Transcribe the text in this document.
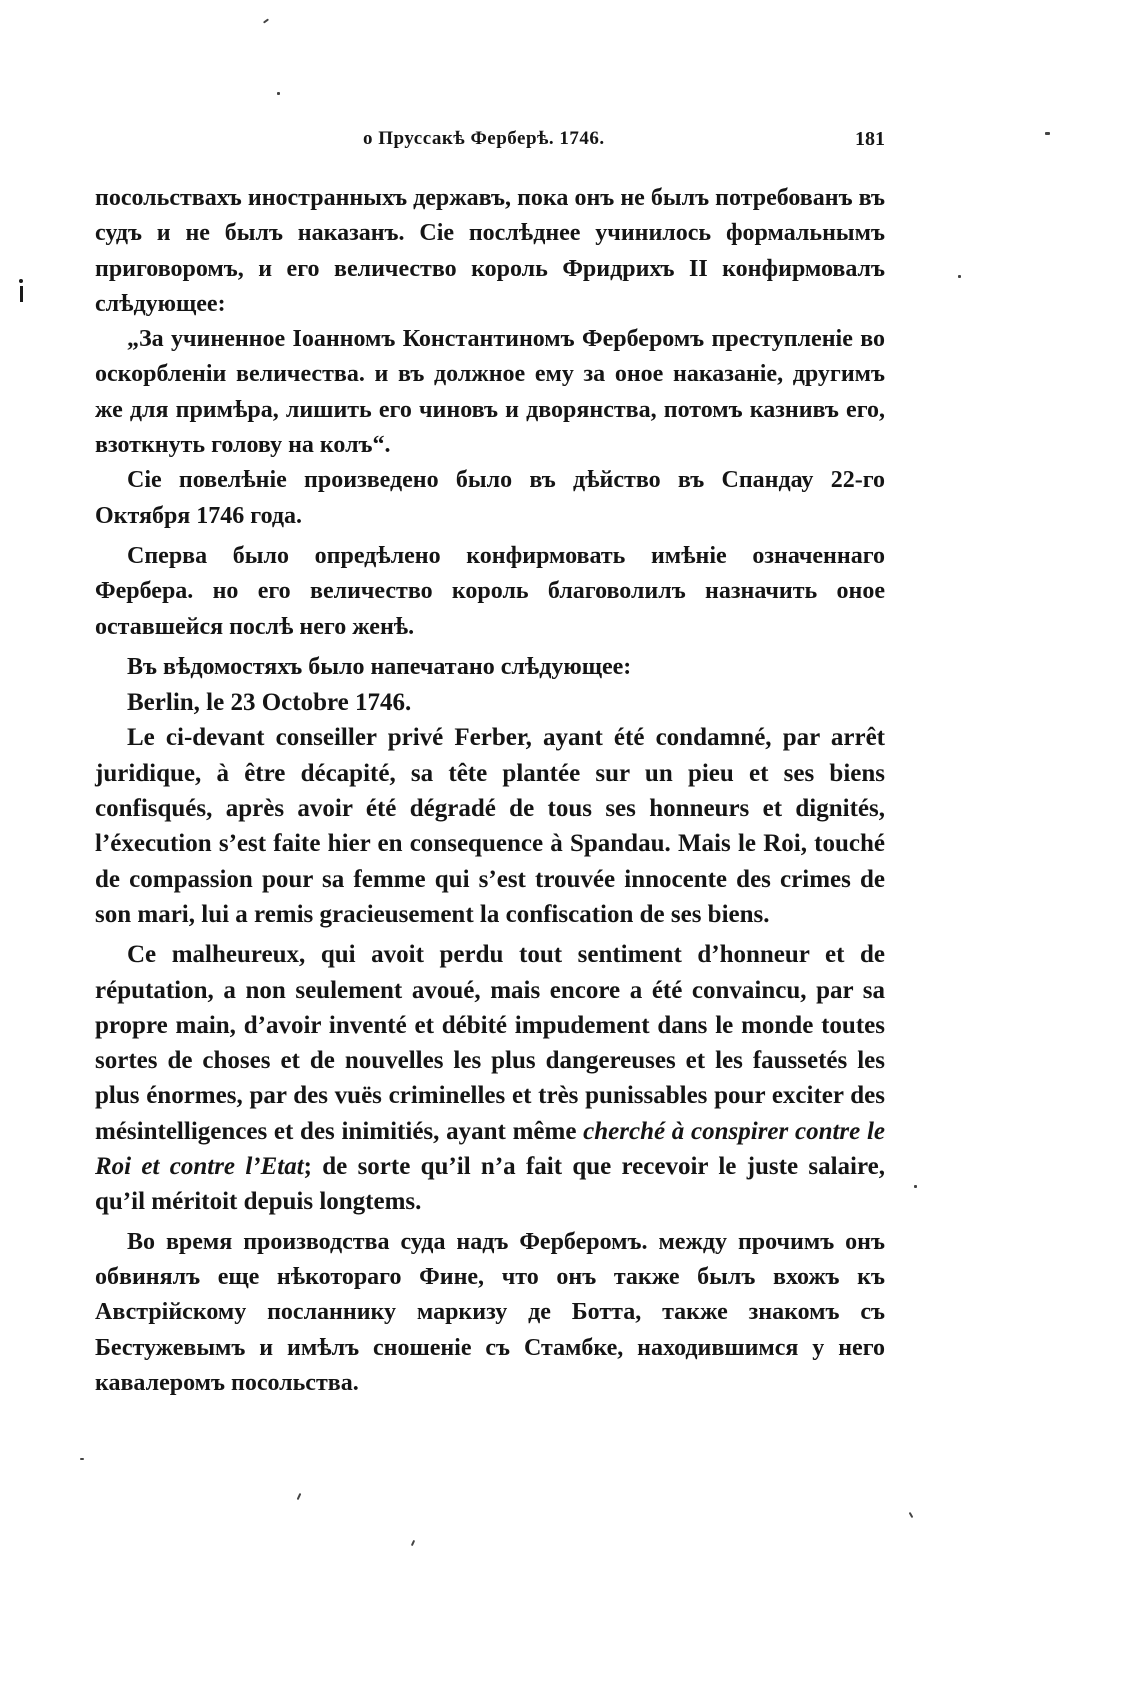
о Пруссакѣ Ферберѣ. 1746.	181

посольствахъ иностранныхъ державъ, пока онъ не былъ потребованъ въ судъ и не былъ наказанъ. Сіе послѣднее учинилось формальнымъ приговоромъ, и его величество король Фридрихъ II конфирмовалъ слѣдующее:

„За учиненное Іоанномъ Константиномъ Ферберомъ преступленіе во оскорбленіи величества. и въ должное ему за оное наказаніе, другимъ же для примѣра, лишить его чиновъ и дворянства, потомъ казнивъ его, взоткнуть голову на колъ“.

Сіе повелѣніе произведено было въ дѣйство въ Спандау 22-го Октября 1746 года.

Сперва было опредѣлено конфирмовать имѣніе означеннаго Фербера. но его величество король благоволилъ назначить оное оставшейся послѣ него женѣ.

Въ вѣдомостяхъ было напечатано слѣдующее:

Berlin, le 23 Octobre 1746.

Le ci-devant conseiller privé Ferber, ayant été condamné, par arrêt juridique, à être décapité, sa tête plantée sur un pieu et ses biens confisqués, après avoir été dégradé de tous ses honneurs et dignités, l’éxecution s’est faite hier en consequence à Spandau. Mais le Roi, touché de compassion pour sa femme qui s’est trouvée innocente des crimes de son mari, lui a remis gracieusement la confiscation de ses biens.

Ce malheureux, qui avoit perdu tout sentiment d’honneur et de réputation, a non seulement avoué, mais encore a été convaincu, par sa propre main, d’avoir inventé et débité impudement dans le monde toutes sortes de choses et de nouvelles les plus dangereuses et les faussetés les plus énormes, par des vuës criminelles et très punissables pour exciter des mésintelligences et des inimitiés, ayant même cherché à conspirer contre le Roi et contre l’Etat; de sorte qu’il n’a fait que recevoir le juste salaire, qu’il méritoit depuis longtems.

Во время производства суда надъ Ферберомъ. между прочимъ онъ обвинялъ еще нѣкотораго Фине, что онъ также былъ вхожъ къ Австрійскому посланнику маркизу де Ботта, также знакомъ съ Бестужевымъ и имѣлъ сношеніе съ Стамбке, находившимся у него кавалеромъ посольства.
